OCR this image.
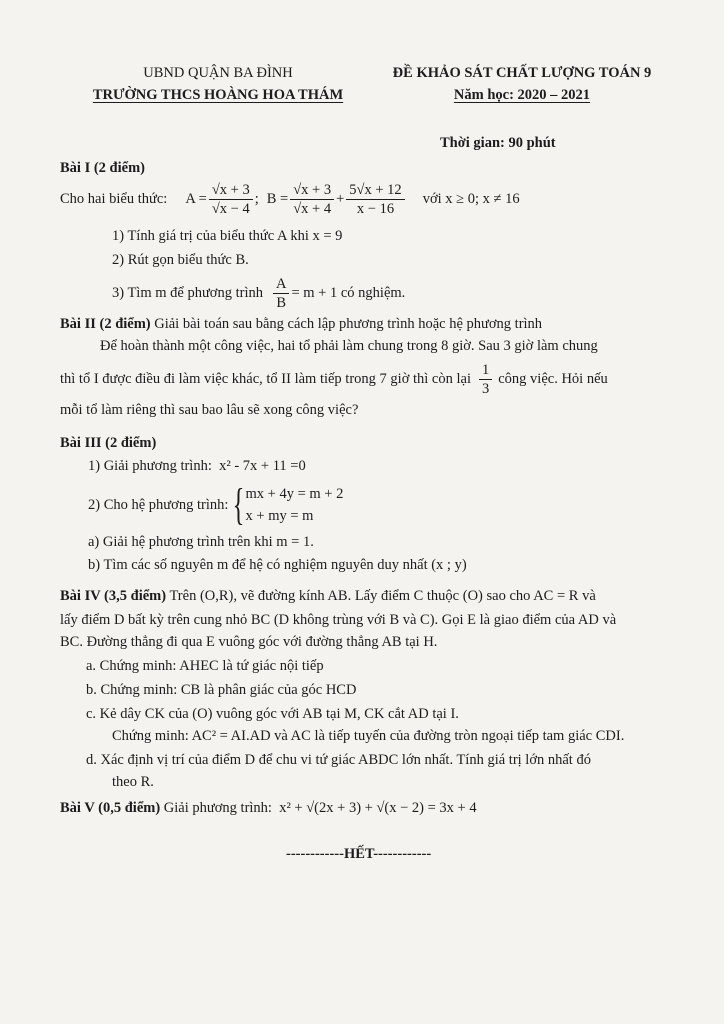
UBND QUẬN BA ĐÌNH
TRƯỜNG THCS HOÀNG HOA THÁM
ĐỀ KHẢO SÁT CHẤT LƯỢNG TOÁN 9
Năm học: 2020 – 2021
Thời gian: 90 phút
Bài I (2 điểm)
Cho hai biểu thức: $A = \frac{√x + 3}{√x - 4}$ ; $B = \frac{√x + 3}{√x + 4} + \frac{5√x + 12}{x - 16}$ với x ≥ 0; x ≠ 16
1) Tính giá trị của biểu thức A khi x = 9
2) Rút gọn biểu thức B.
3) Tìm m để phương trình $\frac{A}{B} = m + 1$ có nghiệm.
Bài II (2 điểm) Giải bài toán sau bằng cách lập phương trình hoặc hệ phương trình
Để hoàn thành một công việc, hai tổ phải làm chung trong 8 giờ. Sau 3 giờ làm chung
thì tổ I được điều đi làm việc khác, tổ II làm tiếp trong 7 giờ thì còn lại $\frac{1}{3}$ công việc. Hỏi nếu
mỗi tổ làm riêng thì sau bao lâu sẽ xong công việc?
Bài III (2 điểm)
1) Giải phương trình: x² - 7x + 11 =0
2) Cho hệ phương trình: { mx + 4y = m + 2
x + my = m
a) Giải hệ phương trình trên khi m = 1.
b) Tìm các số nguyên m để hệ có nghiệm nguyên duy nhất (x ; y)
Bài IV (3,5 điểm) Trên (O,R), vẽ đường kính AB. Lấy điểm C thuộc (O) sao cho AC = R và
lấy điểm D bất kỳ trên cung nhỏ BC (D không trùng với B và C). Gọi E là giao điểm của AD và
BC. Đường thẳng đi qua E vuông góc với đường thẳng AB tại H.
a. Chứng minh: AHEC là tứ giác nội tiếp
b. Chứng minh: CB là phân giác của góc HCD
c. Kẻ dây CK của (O) vuông góc với AB tại M, CK cắt AD tại I.
Chứng minh: AC² = AI.AD và AC là tiếp tuyến của đường tròn ngoại tiếp tam giác CDI.
d. Xác định vị trí của điểm D để chu vi tứ giác ABDC lớn nhất. Tính giá trị lớn nhất đó
theo R.
Bài V (0,5 điểm) Giải phương trình: x² + √(2x + 3) + √(x − 2) = 3x + 4
------------HẾT------------
